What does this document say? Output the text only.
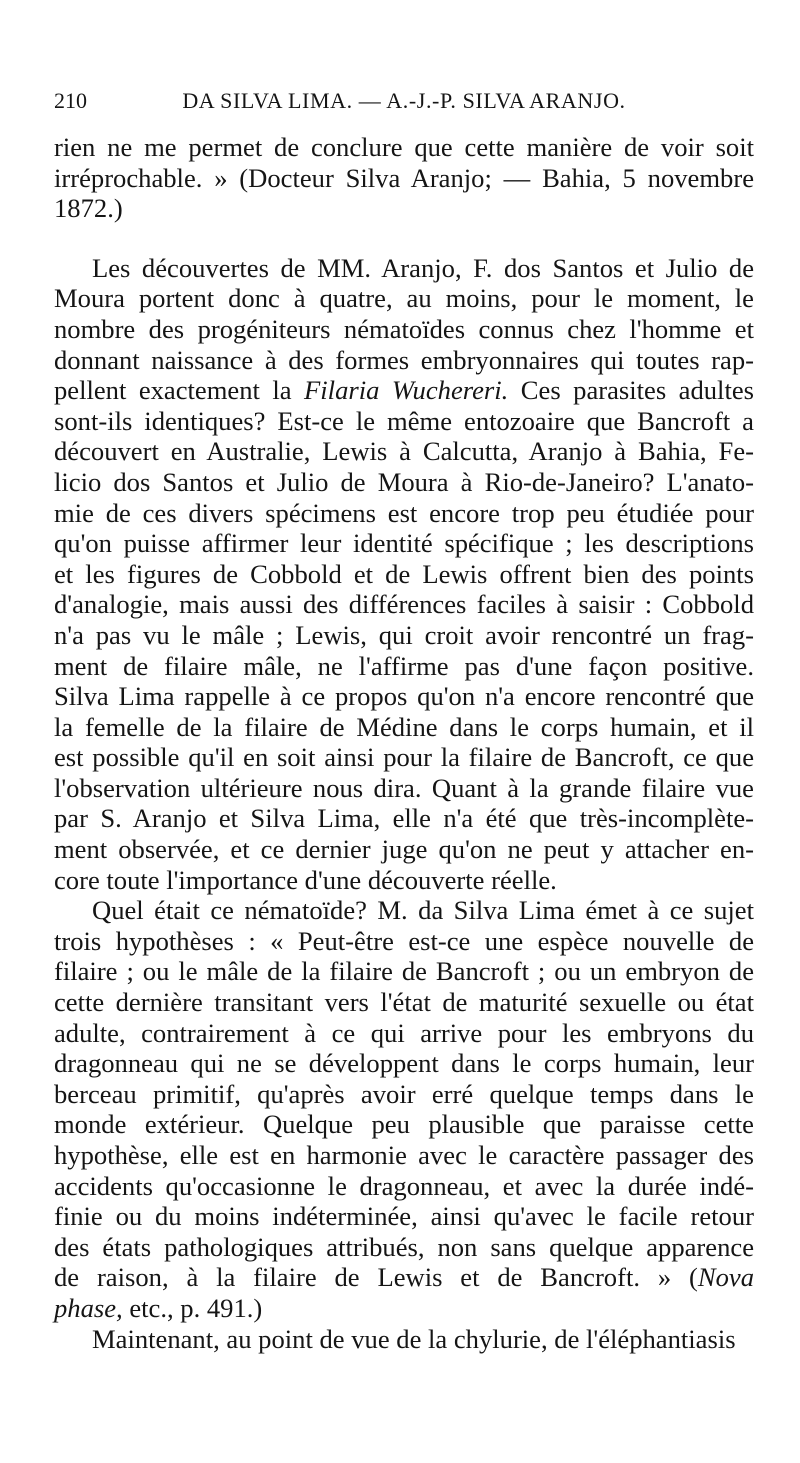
210	DA SILVA LIMA. — A.-J.-P. SILVA ARANJO.

rien ne me permet de conclure que cette manière de voir soit
irréprochable. » (Docteur Silva Aranjo; — Bahia, 5 novembre
1872.)

Les découvertes de MM. Aranjo, F. dos Santos et Julio de
Moura portent donc à quatre, au moins, pour le moment, le
nombre des progéniteurs nématoïdes connus chez l'homme et
donnant naissance à des formes embryonnaires qui toutes rap-
pellent exactement la Filaria Wuchereri. Ces parasites adultes
sont-ils identiques? Est-ce le même entozoaire que Bancroft a
découvert en Australie, Lewis à Calcutta, Aranjo à Bahia, Fe-
licio dos Santos et Julio de Moura à Rio-de-Janeiro? L'anato-
mie de ces divers spécimens est encore trop peu étudiée pour
qu'on puisse affirmer leur identité spécifique ; les descriptions
et les figures de Cobbold et de Lewis offrent bien des points
d'analogie, mais aussi des différences faciles à saisir : Cobbold
n'a pas vu le mâle ; Lewis, qui croit avoir rencontré un frag-
ment de filaire mâle, ne l'affirme pas d'une façon positive.
Silva Lima rappelle à ce propos qu'on n'a encore rencontré que
la femelle de la filaire de Médine dans le corps humain, et il
est possible qu'il en soit ainsi pour la filaire de Bancroft, ce que
l'observation ultérieure nous dira. Quant à la grande filaire vue
par S. Aranjo et Silva Lima, elle n'a été que très-incomplète-
ment observée, et ce dernier juge qu'on ne peut y attacher en-
core toute l'importance d'une découverte réelle.

Quel était ce nématoïde? M. da Silva Lima émet à ce sujet
trois hypothèses : « Peut-être est-ce une espèce nouvelle de
filaire ; ou le mâle de la filaire de Bancroft ; ou un embryon de
cette dernière transitant vers l'état de maturité sexuelle ou état
adulte, contrairement à ce qui arrive pour les embryons du
dragonneau qui ne se développent dans le corps humain, leur
berceau primitif, qu'après avoir erré quelque temps dans le
monde extérieur. Quelque peu plausible que paraisse cette
hypothèse, elle est en harmonie avec le caractère passager des
accidents qu'occasionne le dragonneau, et avec la durée indé-
finie ou du moins indéterminée, ainsi qu'avec le facile retour
des états pathologiques attribués, non sans quelque apparence
de raison, à la filaire de Lewis et de Bancroft. » (Nova
phase, etc., p. 491.)

Maintenant, au point de vue de la chylurie, de l'éléphantiasis
